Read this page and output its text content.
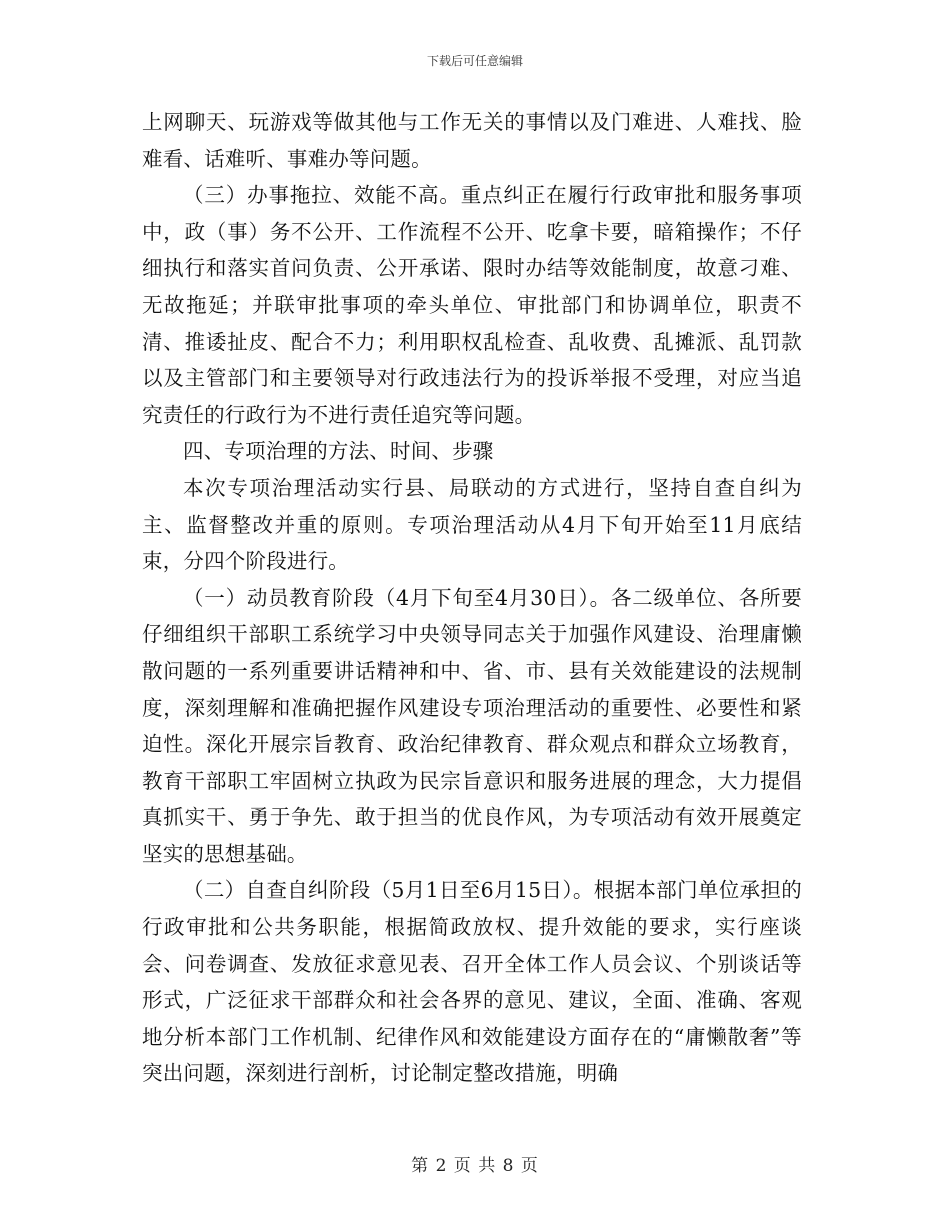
下载后可任意编辑

上网聊天、玩游戏等做其他与工作无关的事情以及门难进、人难找、脸难看、话难听、事难办等问题。

（三）办事拖拉、效能不高。重点纠正在履行行政审批和服务事项中，政（事）务不公开、工作流程不公开、吃拿卡要，暗箱操作；不仔细执行和落实首问负责、公开承诺、限时办结等效能制度，故意刁难、无故拖延；并联审批事项的牵头单位、审批部门和协调单位，职责不清、推诿扯皮、配合不力；利用职权乱检查、乱收费、乱摊派、乱罚款以及主管部门和主要领导对行政违法行为的投诉举报不受理，对应当追究责任的行政行为不进行责任追究等问题。

四、专项治理的方法、时间、步骤

本次专项治理活动实行县、局联动的方式进行，坚持自查自纠为主、监督整改并重的原则。专项治理活动从4月下旬开始至11月底结束，分四个阶段进行。

（一）动员教育阶段（4月下旬至4月30日）。各二级单位、各所要仔细组织干部职工系统学习中央领导同志关于加强作风建设、治理庸懒散问题的一系列重要讲话精神和中、省、市、县有关效能建设的法规制度，深刻理解和准确把握作风建设专项治理活动的重要性、必要性和紧迫性。深化开展宗旨教育、政治纪律教育、群众观点和群众立场教育，教育干部职工牢固树立执政为民宗旨意识和服务进展的理念，大力提倡真抓实干、勇于争先、敢于担当的优良作风，为专项活动有效开展奠定坚实的思想基础。

（二）自查自纠阶段（5月1日至6月15日）。根据本部门单位承担的行政审批和公共务职能，根据简政放权、提升效能的要求，实行座谈会、问卷调查、发放征求意见表、召开全体工作人员会议、个别谈话等形式，广泛征求干部群众和社会各界的意见、建议，全面、准确、客观地分析本部门工作机制、纪律作风和效能建设方面存在的“庸懒散奢”等突出问题，深刻进行剖析，讨论制定整改措施，明确

第 2 页 共 8 页
